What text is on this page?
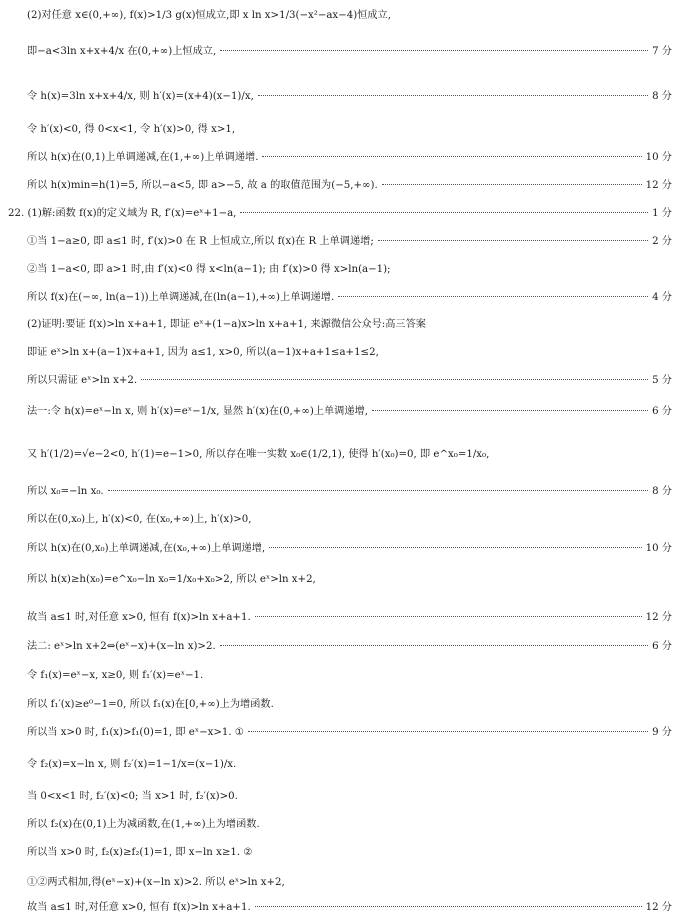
(2)对任意 x∈(0,+∞), f(x)>1/3 g(x)恒成立,即 x ln x>1/3(−x²−ax−4)恒成立,
即−a<3ln x+x+4/x 在(0,+∞)上恒成立,	7 分
令 h(x)=3ln x+x+4/x, 则 h′(x)=(x+4)(x−1)/x,	8 分
令 h′(x)<0, 得 0<x<1, 令 h′(x)>0, 得 x>1,
所以 h(x)在(0,1)上单调递减,在(1,+∞)上单调递增.	10 分
所以 h(x)min=h(1)=5, 所以−a<5, 即 a>−5, 故 a 的取值范围为(−5,+∞).	12 分
22. (1)解:函数 f(x)的定义域为 R, f′(x)=eˣ+1−a,	1 分
①当 1−a≥0, 即 a≤1 时, f′(x)>0 在 R 上恒成立,所以 f(x)在 R 上单调递增;	2 分
②当 1−a<0, 即 a>1 时,由 f′(x)<0 得 x<ln(a−1); 由 f′(x)>0 得 x>ln(a−1);
所以 f(x)在(−∞, ln(a−1))上单调递减,在(ln(a−1),+∞)上单调递增.	4 分
(2)证明:要证 f(x)>ln x+a+1, 即证 eˣ+(1−a)x>ln x+a+1, 来源微信公众号:高三答案
即证 eˣ>ln x+(a−1)x+a+1, 因为 a≤1, x>0, 所以(a−1)x+a+1≤a+1≤2,
所以只需证 eˣ>ln x+2.	5 分
法一:令 h(x)=eˣ−ln x, 则 h′(x)=eˣ−1/x, 显然 h′(x)在(0,+∞)上单调递增,	6 分
又 h′(1/2)=√e−2<0, h′(1)=e−1>0, 所以存在唯一实数 x₀∈(1/2,1), 使得 h′(x₀)=0, 即 e^x₀=1/x₀,
所以 x₀=−ln x₀.	8 分
所以在(0,x₀)上, h′(x)<0, 在(x₀,+∞)上, h′(x)>0,
所以 h(x)在(0,x₀)上单调递减,在(x₀,+∞)上单调递增,	10 分
所以 h(x)≥h(x₀)=e^x₀−ln x₀=1/x₀+x₀>2, 所以 eˣ>ln x+2,
故当 a≤1 时,对任意 x>0, 恒有 f(x)>ln x+a+1.	12 分
法二: eˣ>ln x+2⇔(eˣ−x)+(x−ln x)>2.	6 分
令 f₁(x)=eˣ−x, x≥0, 则 f₁′(x)=eˣ−1.
所以 f₁′(x)≥e⁰−1=0, 所以 f₁(x)在[0,+∞)上为增函数.
所以当 x>0 时, f₁(x)>f₁(0)=1, 即 eˣ−x>1. ①	9 分
令 f₂(x)=x−ln x, 则 f₂′(x)=1−1/x=(x−1)/x.
当 0<x<1 时, f₂′(x)<0; 当 x>1 时, f₂′(x)>0.
所以 f₂(x)在(0,1)上为减函数,在(1,+∞)上为增函数.
所以当 x>0 时, f₂(x)≥f₂(1)=1, 即 x−ln x≥1. ②
①②两式相加,得(eˣ−x)+(x−ln x)>2. 所以 eˣ>ln x+2,
故当 a≤1 时,对任意 x>0, 恒有 f(x)>ln x+a+1.	12 分
